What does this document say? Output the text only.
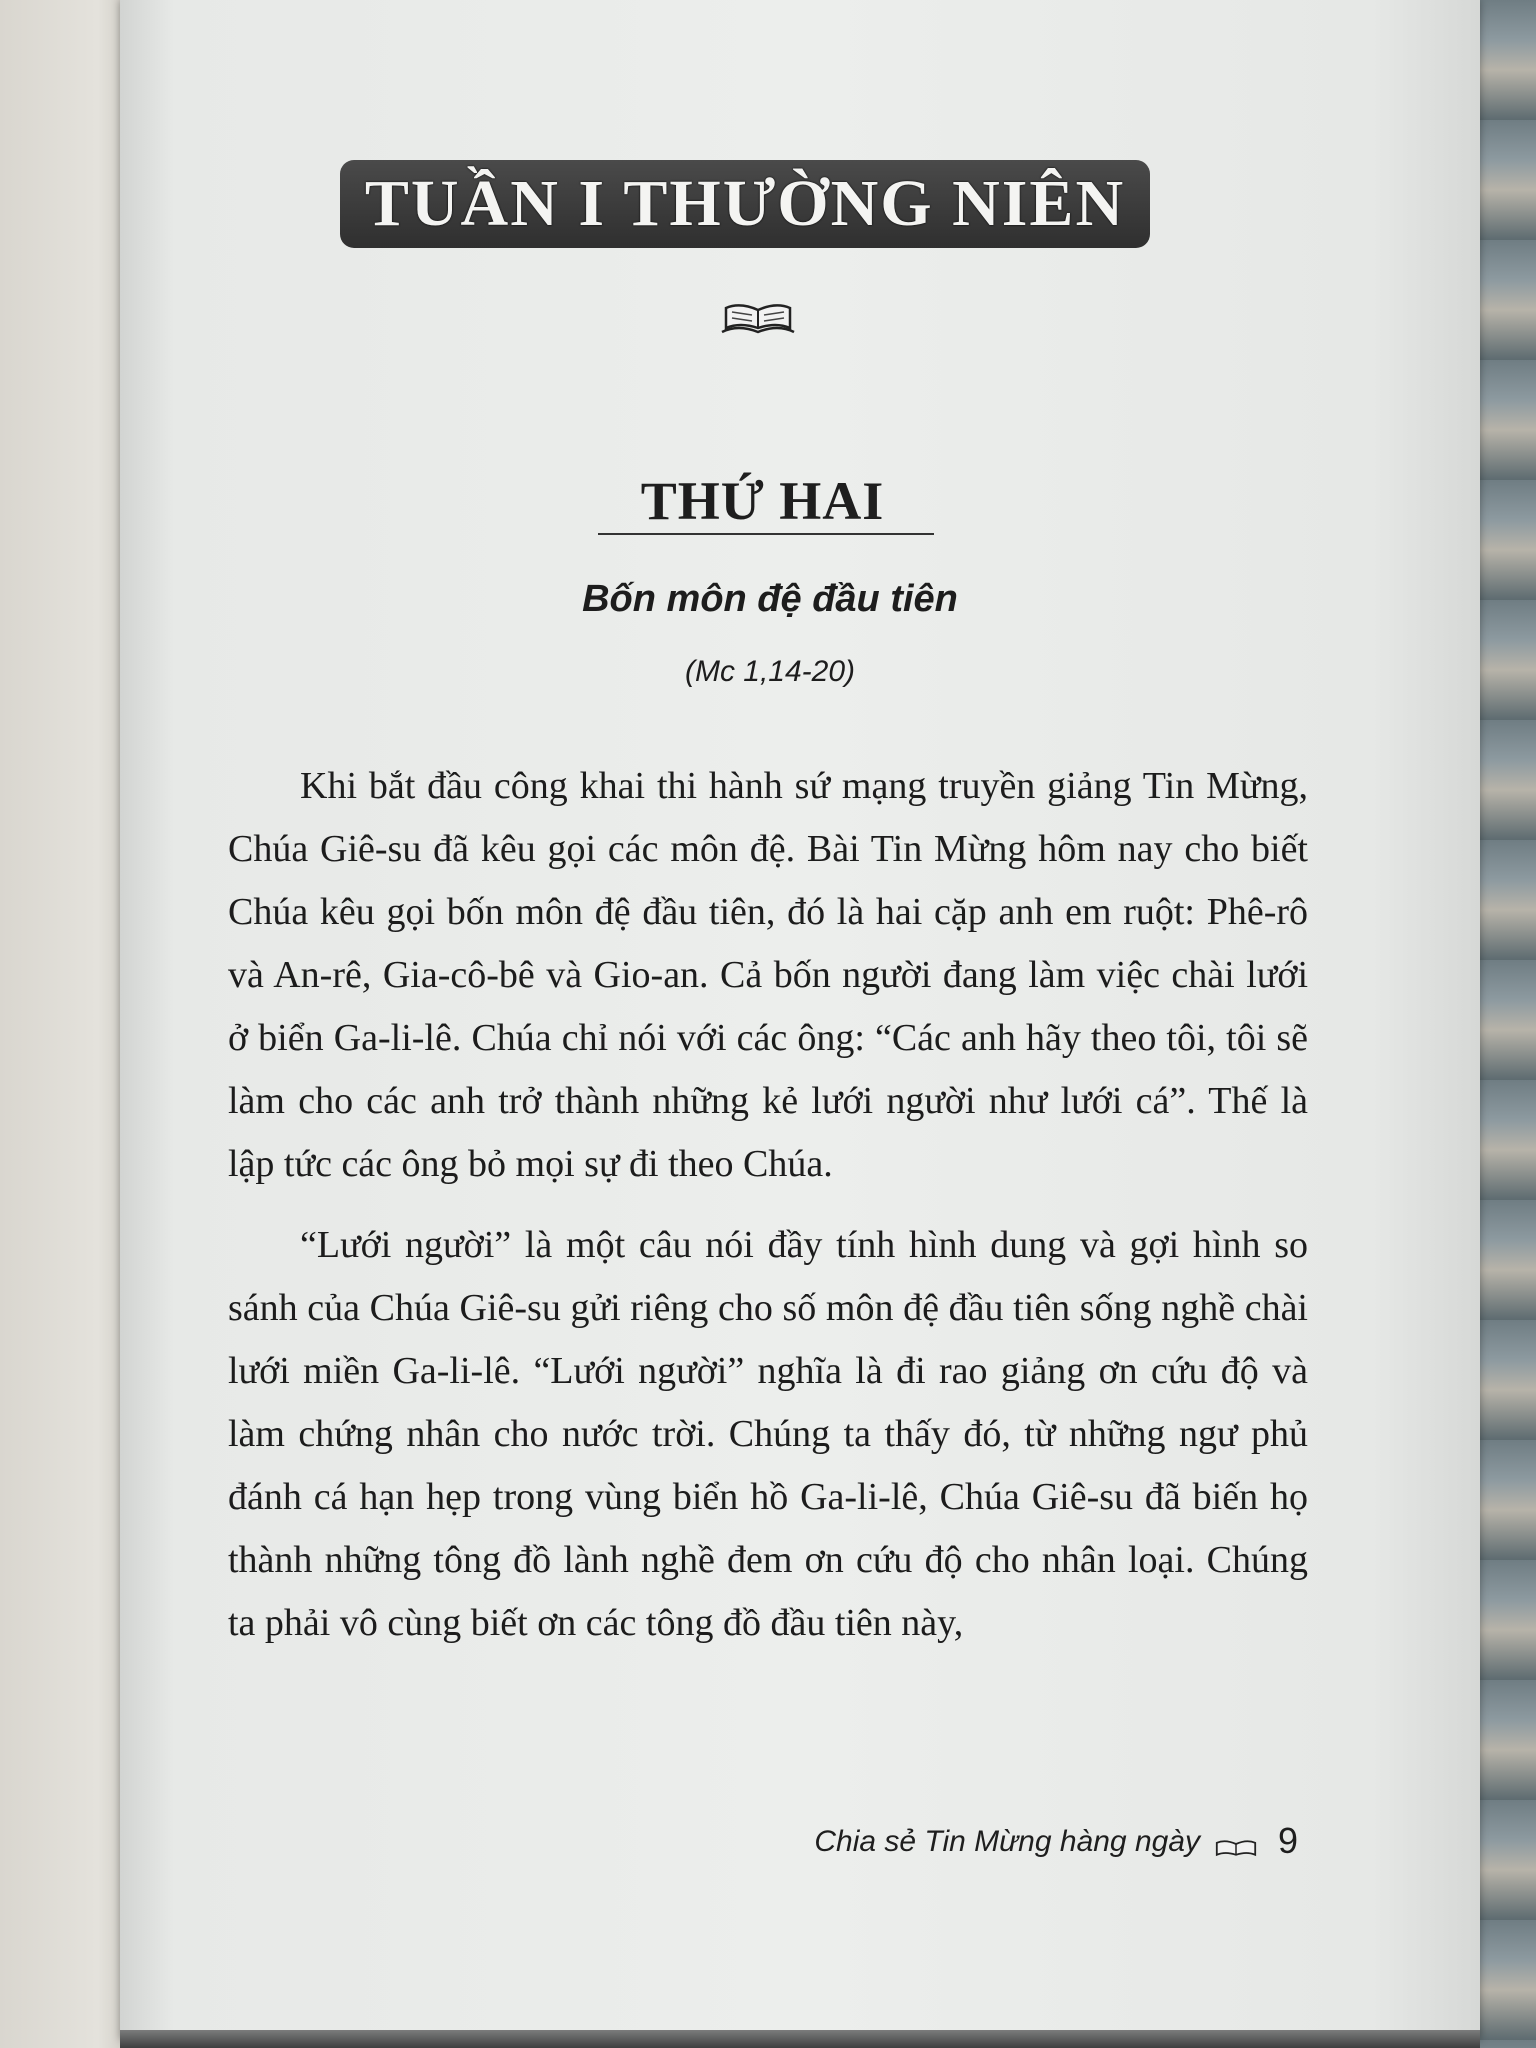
TUẦN I THƯỜNG NIÊN
THỨ HAI
Bốn môn đệ đầu tiên
(Mc 1,14-20)

Khi bắt đầu công khai thi hành sứ mạng truyền giảng Tin Mừng, Chúa Giê-su đã kêu gọi các môn đệ. Bài Tin Mừng hôm nay cho biết Chúa kêu gọi bốn môn đệ đầu tiên, đó là hai cặp anh em ruột: Phê-rô và An-rê, Gia-cô-bê và Gio-an. Cả bốn người đang làm việc chài lưới ở biển Ga-li-lê. Chúa chỉ nói với các ông: “Các anh hãy theo tôi, tôi sẽ làm cho các anh trở thành những kẻ lưới người như lưới cá”. Thế là lập tức các ông bỏ mọi sự đi theo Chúa.

“Lưới người” là một câu nói đầy tính hình dung và gợi hình so sánh của Chúa Giê-su gửi riêng cho số môn đệ đầu tiên sống nghề chài lưới miền Ga-li-lê. “Lưới người” nghĩa là đi rao giảng ơn cứu độ và làm chứng nhân cho nước trời. Chúng ta thấy đó, từ những ngư phủ đánh cá hạn hẹp trong vùng biển hồ Ga-li-lê, Chúa Giê-su đã biến họ thành những tông đồ lành nghề đem ơn cứu độ cho nhân loại. Chúng ta phải vô cùng biết ơn các tông đồ đầu tiên này,

Chia sẻ Tin Mừng hàng ngày 9
